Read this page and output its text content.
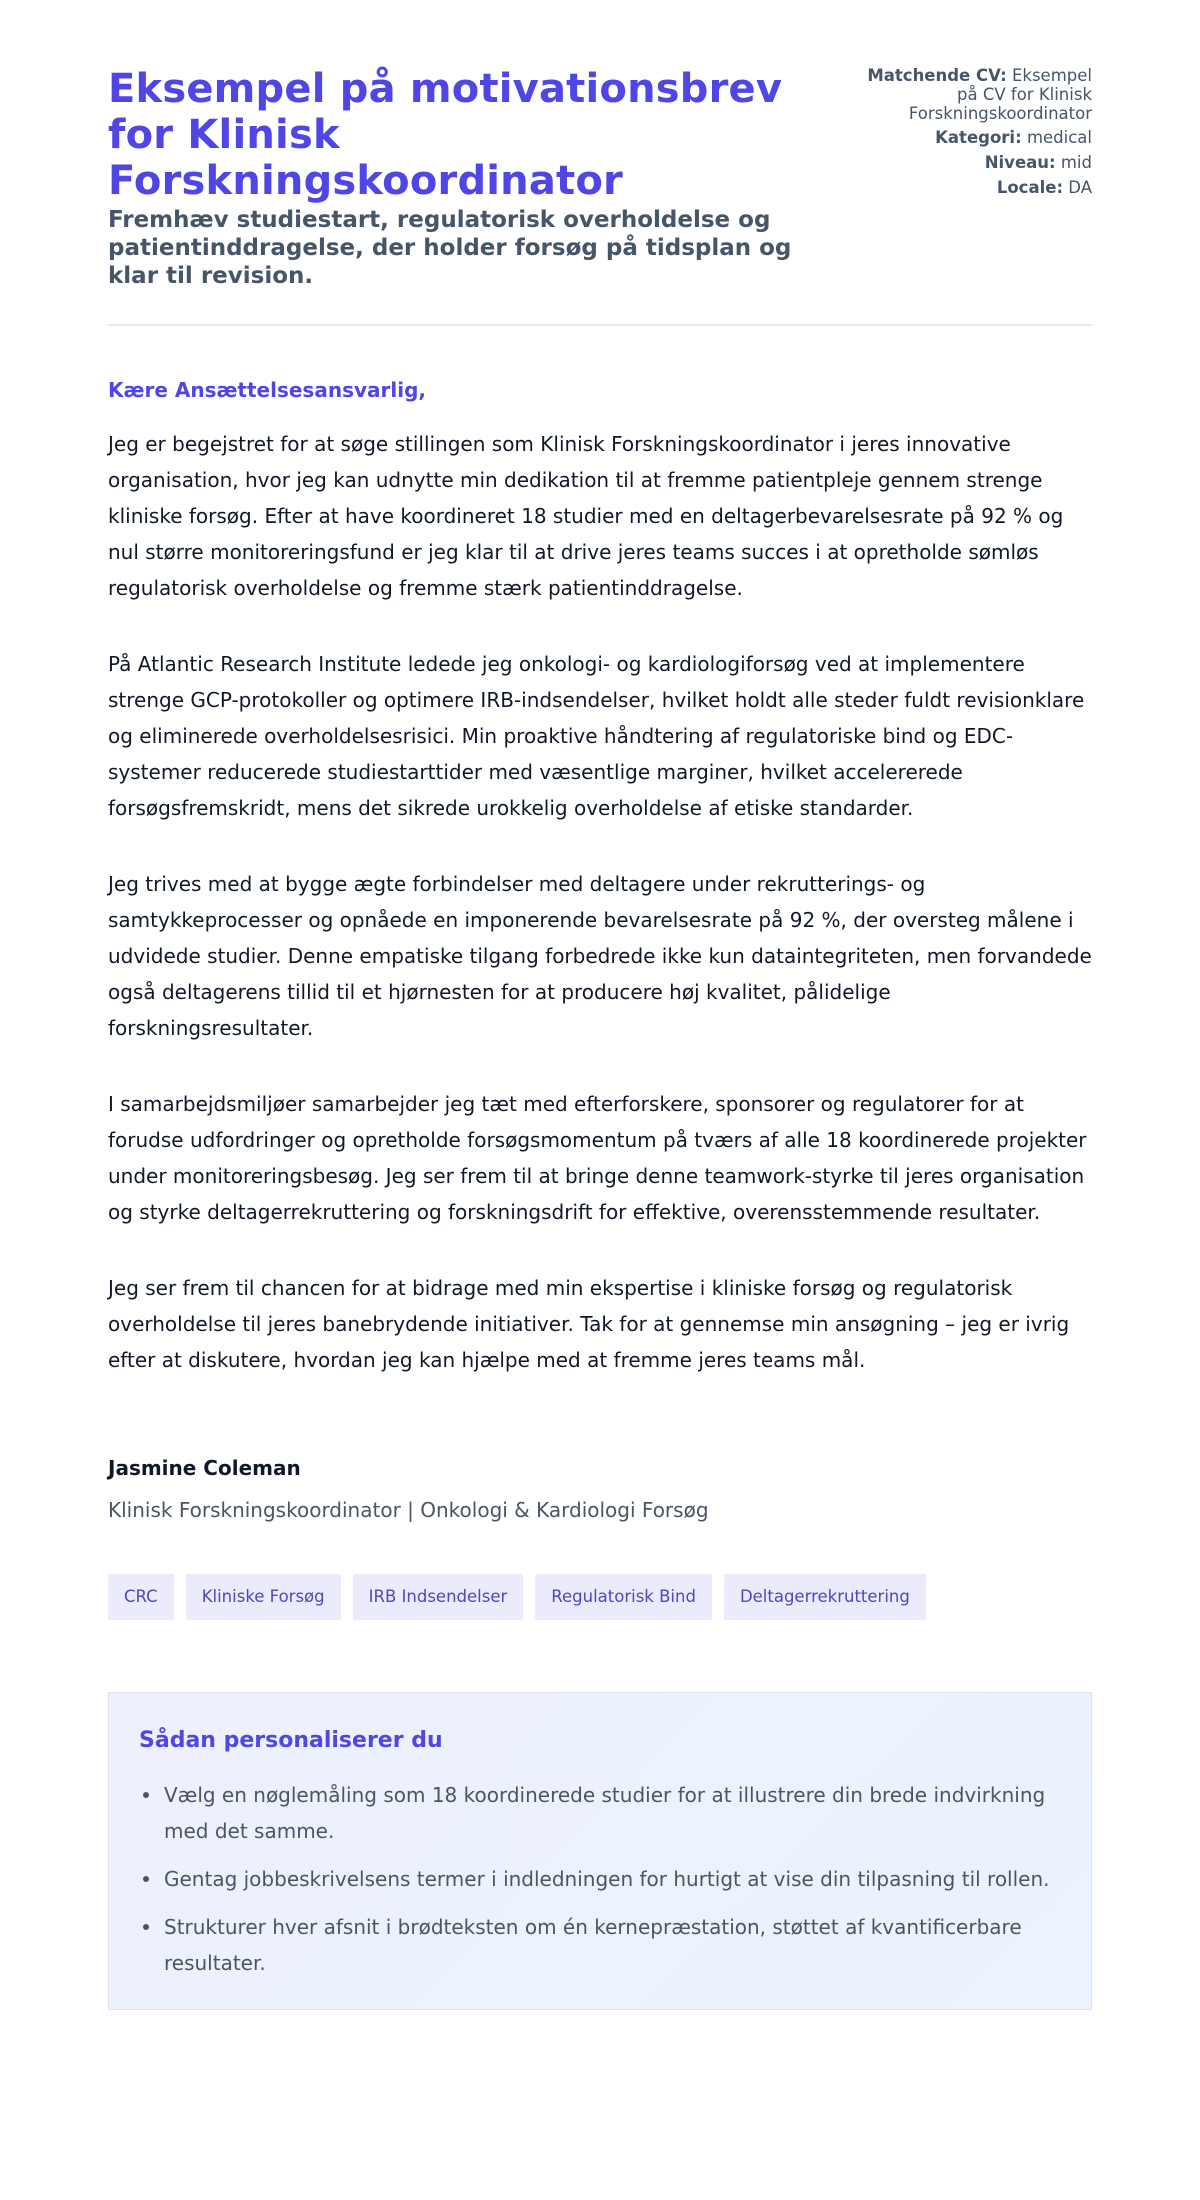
Eksempel på motivationsbrev for Klinisk Forskningskoordinator
Fremhæv studiestart, regulatorisk overholdelse og patientinddragelse, der holder forsøg på tidsplan og klar til revision.
Matchende CV: Eksempel på CV for Klinisk Forskningskoordinator
Kategori: medical
Niveau: mid
Locale: DA

Kære Ansættelsesansvarlig,

Jeg er begejstret for at søge stillingen som Klinisk Forskningskoordinator i jeres innovative organisation, hvor jeg kan udnytte min dedikation til at fremme patientpleje gennem strenge kliniske forsøg. Efter at have koordineret 18 studier med en deltagerbevarelsesrate på 92 % og nul større monitoreringsfund er jeg klar til at drive jeres teams succes i at opretholde sømløs regulatorisk overholdelse og fremme stærk patientinddragelse.

På Atlantic Research Institute ledede jeg onkologi- og kardiologiforsøg ved at implementere strenge GCP-protokoller og optimere IRB-indsendelser, hvilket holdt alle steder fuldt revisionklare og eliminerede overholdelsesrisici. Min proaktive håndtering af regulatoriske bind og EDC-systemer reducerede studiestarttider med væsentlige marginer, hvilket accelererede forsøgsfremskridt, mens det sikrede urokkelig overholdelse af etiske standarder.

Jeg trives med at bygge ægte forbindelser med deltagere under rekrutterings- og samtykkeprocesser og opnåede en imponerende bevarelsesrate på 92 %, der oversteg målene i udvidede studier. Denne empatiske tilgang forbedrede ikke kun dataintegriteten, men forvandede også deltagerens tillid til et hjørnesten for at producere høj kvalitet, pålidelige forskningsresultater.

I samarbejdsmiljøer samarbejder jeg tæt med efterforskere, sponsorer og regulatorer for at forudse udfordringer og opretholde forsøgsmomentum på tværs af alle 18 koordinerede projekter under monitoreringsbesøg. Jeg ser frem til at bringe denne teamwork-styrke til jeres organisation og styrke deltagerrekruttering og forskningsdrift for effektive, overensstemmende resultater.

Jeg ser frem til chancen for at bidrage med min ekspertise i kliniske forsøg og regulatorisk overholdelse til jeres banebrydende initiativer. Tak for at gennemse min ansøgning – jeg er ivrig efter at diskutere, hvordan jeg kan hjælpe med at fremme jeres teams mål.

Jasmine Coleman
Klinisk Forskningskoordinator | Onkologi & Kardiologi Forsøg
CRC	Kliniske Forsøg	IRB Indsendelser	Regulatorisk Bind	Deltagerrekruttering
Sådan personaliserer du
Vælg en nøglemåling som 18 koordinerede studier for at illustrere din brede indvirkning med det samme.
Gentag jobbeskrivelsens termer i indledningen for hurtigt at vise din tilpasning til rollen.
Strukturer hver afsnit i brødteksten om én kernepræstation, støttet af kvantificerbare resultater.
